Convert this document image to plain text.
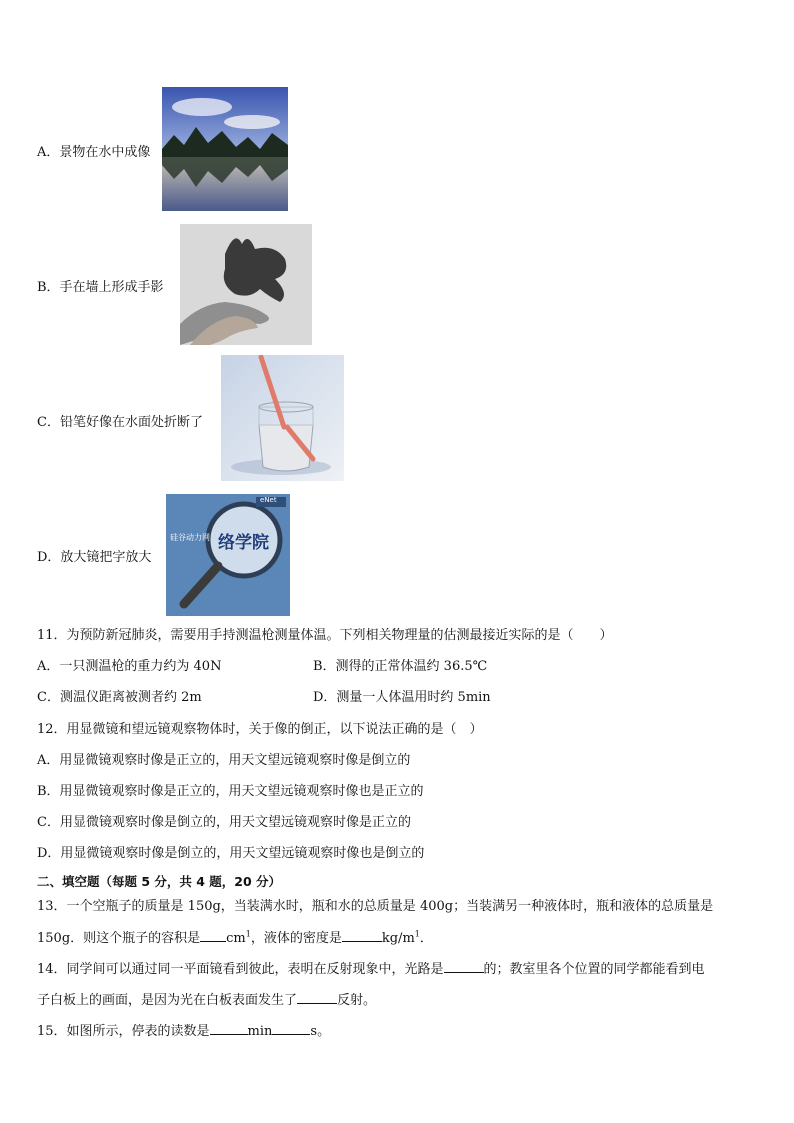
A．景物在水中成像
B．手在墙上形成手影
C．铅笔好像在水面处折断了
D．放大镜把字放大
eNet
硅谷动力网 络学院
11．为预防新冠肺炎，需要用手持测温枪测量体温。下列相关物理量的估测最接近实际的是（　　）
A．一只测温枪的重力约为 40N	B．测得的正常体温约 36.5℃
C．测温仪距离被测者约 2m	D．测量一人体温用时约 5min
12．用显微镜和望远镜观察物体时，关于像的倒正，以下说法正确的是（　）
A．用显微镜观察时像是正立的，用天文望远镜观察时像是倒立的
B．用显微镜观察时像是正立的，用天文望远镜观察时像也是正立的
C．用显微镜观察时像是倒立的，用天文望远镜观察时像是正立的
D．用显微镜观察时像是倒立的，用天文望远镜观察时像也是倒立的
二、填空题（每题 5 分，共 4 题，20 分）
13．一个空瓶子的质量是 150g，当装满水时，瓶和水的总质量是 400g；当装满另一种液体时，瓶和液体的总质量是
150g．则这个瓶子的容积是 $cm^1$，液体的密度是	$kg/m^1$．
14．同学间可以通过同一平面镜看到彼此，表明在反射现象中，光路是	的；教室里各个位置的同学都能看到电
子白板上的画面，是因为光在白板表面发生了	反射。
15．如图所示，停表的读数是	min	s。
